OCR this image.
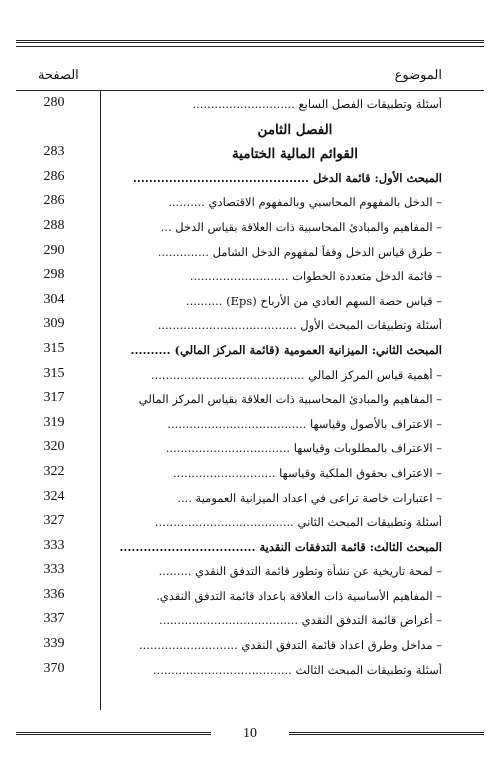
الموضوع
الصفحة
أسئلة وتطبيقات الفصل السابع ............................
280
الفصل الثامن
القوائم المالية الختامية
283
المبحث الأول: قائمة الدخل ............................................
286
– الدخل بالمفهوم المحاسبي وبالمفهوم الاقتصادي ..........
286
– المفاهيم والمبادئ المحاسبية ذات العلاقة بقياس الدخل ...
288
– طرق قياس الدخل وفقاً لمفهوم الدخل الشامل ..............
290
– قائمة الدخل متعددة الخطوات ...........................
298
– قياس حصة السهم العادي من الأرباح (Eps) ..........
304
أسئلة وتطبيقات المبحث الأول ......................................
309
المبحث الثاني: الميزانية العمومية (قائمة المركز المالي) ..........
315
– أهمية قياس المركز المالي ..........................................
315
– المفاهيم والمبادئ المحاسبية ذات العلاقة بقياس المركز المالي
317
– الاعتراف بالأصول وقياسها ......................................
319
– الاعتراف بالمطلوبات وقياسها ..................................
320
– الاعتراف بحقوق الملكية وقياسها ............................
322
– اعتبارات خاصة تراعى في اعداد الميزانية العمومية ....
324
أسئلة وتطبيقات المبحث الثاني ......................................
327
المبحث الثالث: قائمة التدفقات النقدية ..................................
333
– لمحة تاريخية عن نشأة وتطور قائمة التدفق النقدي .........
333
– المفاهيم الأساسية ذات العلاقة باعداد قائمة التدفق النقدي.
336
– أغراض قائمة التدفق النقدي ......................................
337
– مداخل وطرق اعداد قائمة التدفق النقدي ...........................
339
أسئلة وتطبيقات المبحث الثالث ......................................
370
10
